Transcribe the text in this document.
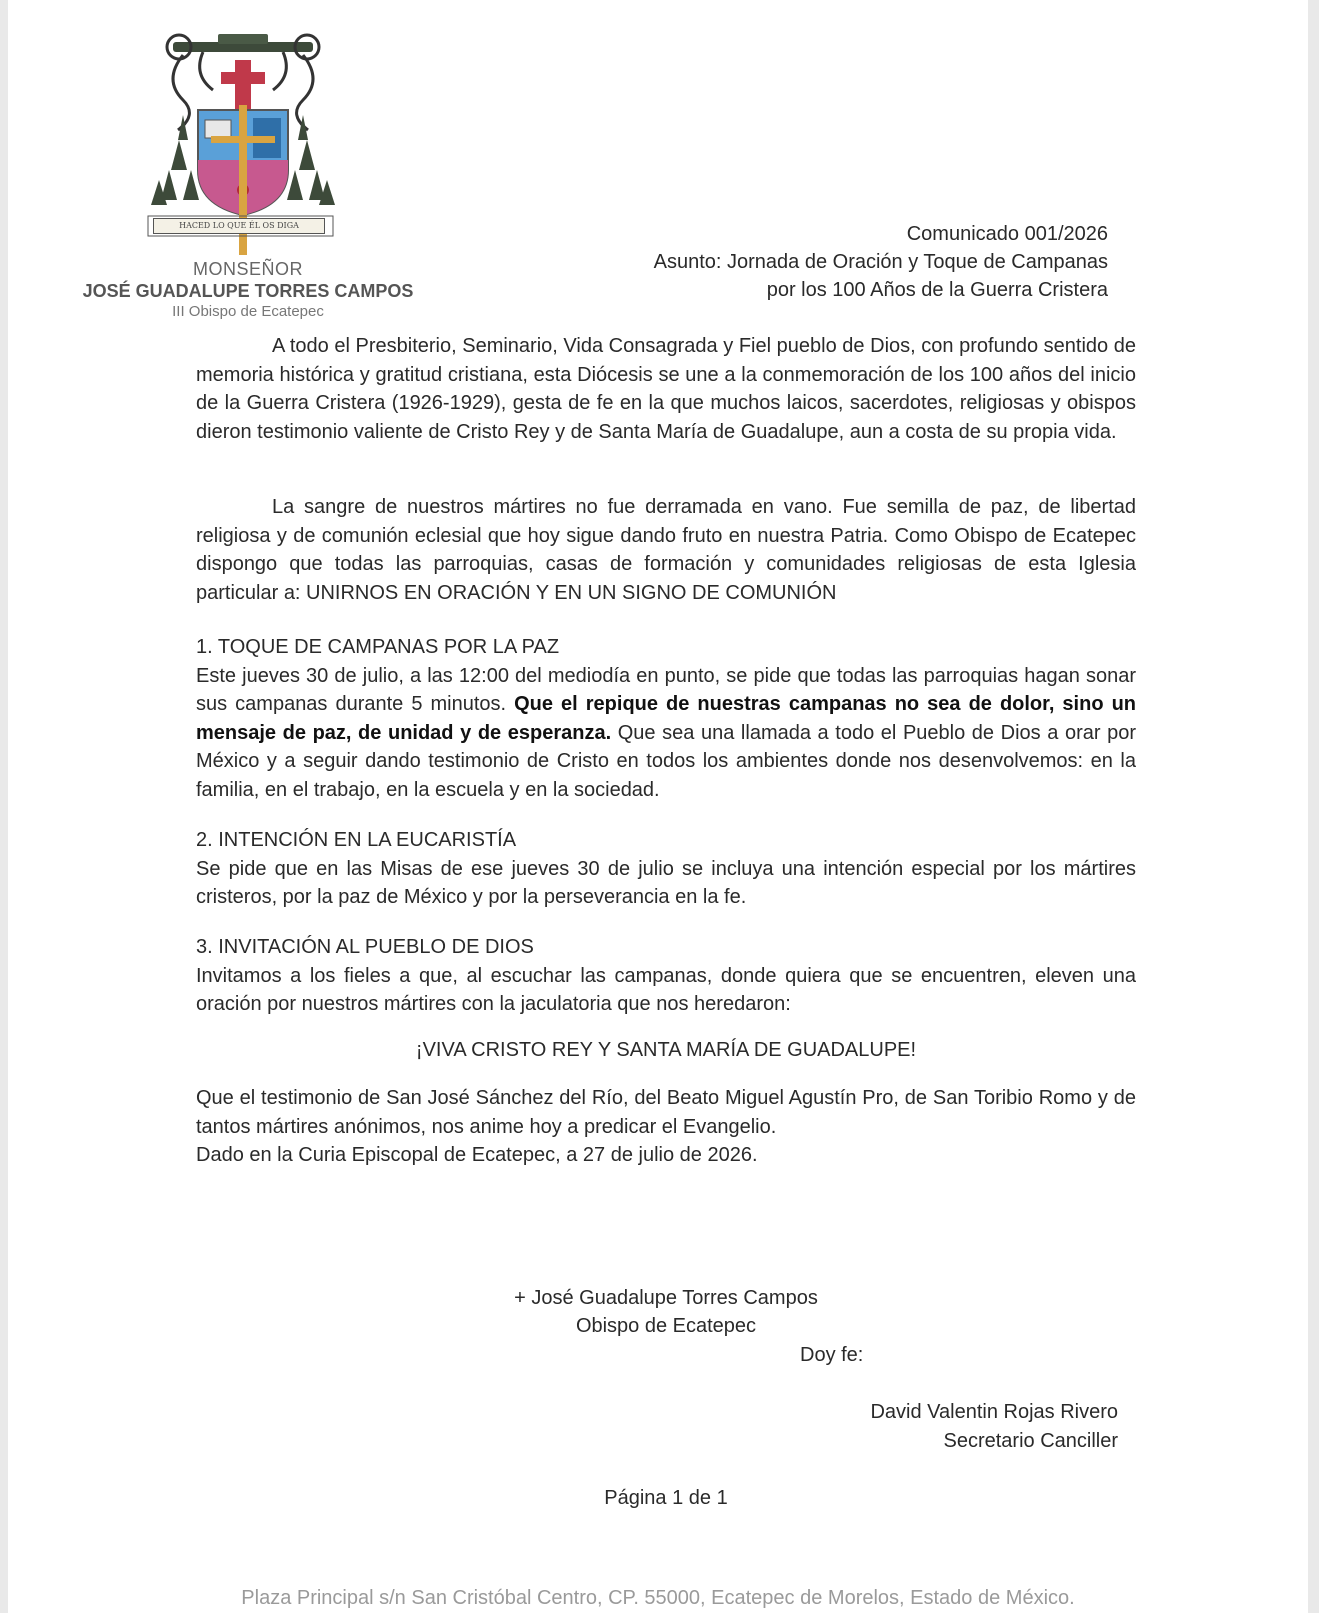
HACED LO QUE ÉL OS DIGA
MONSEÑOR
JOSÉ GUADALUPE TORRES CAMPOS
III Obispo de Ecatepec
Comunicado 001/2026
Asunto: Jornada de Oración y Toque de Campanas
por los 100 Años de la Guerra Cristera

A todo el Presbiterio, Seminario, Vida Consagrada y Fiel pueblo de Dios, con profundo sentido de memoria histórica y gratitud cristiana, esta Diócesis se une a la conmemoración de los 100 años del inicio de la Guerra Cristera (1926-1929), gesta de fe en la que muchos laicos, sacerdotes, religiosas y obispos dieron testimonio valiente de Cristo Rey y de Santa María de Guadalupe, aun a costa de su propia vida.

La sangre de nuestros mártires no fue derramada en vano. Fue semilla de paz, de libertad religiosa y de comunión eclesial que hoy sigue dando fruto en nuestra Patria. Como Obispo de Ecatepec dispongo que todas las parroquias, casas de formación y comunidades religiosas de esta Iglesia particular a: UNIRNOS EN ORACIÓN Y EN UN SIGNO DE COMUNIÓN

1. TOQUE DE CAMPANAS POR LA PAZ
Este jueves 30 de julio, a las 12:00 del mediodía en punto, se pide que todas las parroquias hagan sonar sus campanas durante 5 minutos. Que el repique de nuestras campanas no sea de dolor, sino un mensaje de paz, de unidad y de esperanza. Que sea una llamada a todo el Pueblo de Dios a orar por México y a seguir dando testimonio de Cristo en todos los ambientes donde nos desenvolvemos: en la familia, en el trabajo, en la escuela y en la sociedad.
2. INTENCIÓN EN LA EUCARISTÍA
Se pide que en las Misas de ese jueves 30 de julio se incluya una intención especial por los mártires cristeros, por la paz de México y por la perseverancia en la fe.
3. INVITACIÓN AL PUEBLO DE DIOS
Invitamos a los fieles a que, al escuchar las campanas, donde quiera que se encuentren, eleven una oración por nuestros mártires con la jaculatoria que nos heredaron:
¡VIVA CRISTO REY Y SANTA MARÍA DE GUADALUPE!
Que el testimonio de San José Sánchez del Río, del Beato Miguel Agustín Pro, de San Toribio Romo y de tantos mártires anónimos, nos anime hoy a predicar el Evangelio.
Dado en la Curia Episcopal de Ecatepec, a 27 de julio de 2026.
+ José Guadalupe Torres Campos
Obispo de Ecatepec
Doy fe:
David Valentin Rojas Rivero
Secretario Canciller
Página 1 de 1
Plaza Principal s/n San Cristóbal Centro, CP. 55000, Ecatepec de Morelos, Estado de México.
